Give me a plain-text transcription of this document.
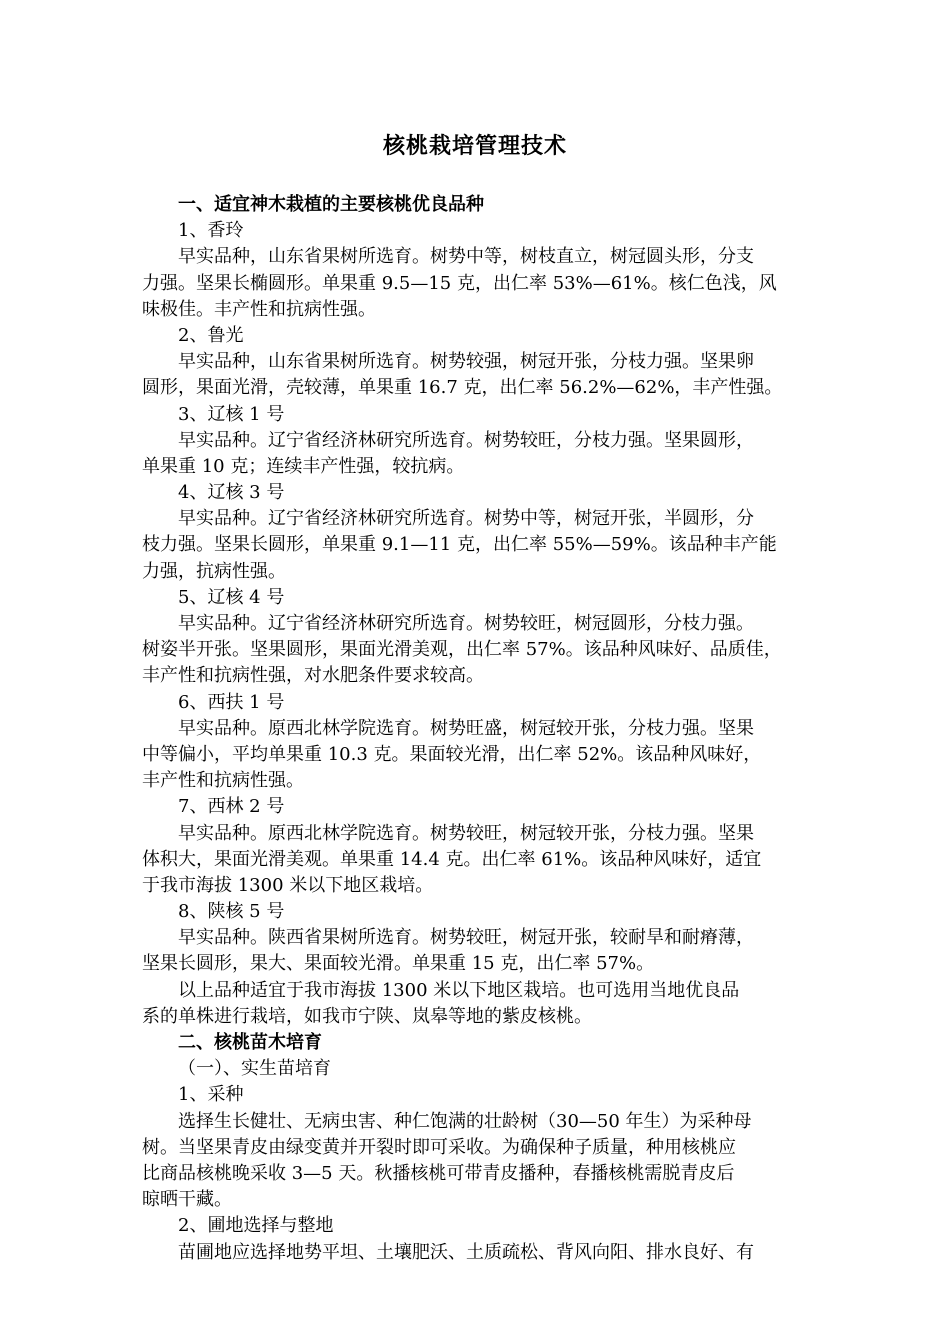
核桃栽培管理技术
一、适宜神木栽植的主要核桃优良品种
1、香玲
早实品种，山东省果树所选育。树势中等，树枝直立，树冠圆头形，分支
力强。坚果长椭圆形。单果重 9.5—15 克，出仁率 53%—61%。核仁色浅，风
味极佳。丰产性和抗病性强。
2、鲁光
早实品种，山东省果树所选育。树势较强，树冠开张，分枝力强。坚果卵
圆形，果面光滑，壳较薄，单果重 16.7 克，出仁率 56.2%—62%，丰产性强。
3、辽核 1 号
早实品种。辽宁省经济林研究所选育。树势较旺，分枝力强。坚果圆形，
单果重 10 克；连续丰产性强，较抗病。
4、辽核 3 号
早实品种。辽宁省经济林研究所选育。树势中等，树冠开张，半圆形，分
枝力强。坚果长圆形，单果重 9.1—11 克，出仁率 55%—59%。该品种丰产能
力强，抗病性强。
5、辽核 4 号
早实品种。辽宁省经济林研究所选育。树势较旺，树冠圆形，分枝力强。
树姿半开张。坚果圆形，果面光滑美观，出仁率 57%。该品种风味好、品质佳，
丰产性和抗病性强，对水肥条件要求较高。
6、西扶 1 号
早实品种。原西北林学院选育。树势旺盛，树冠较开张，分枝力强。坚果
中等偏小，平均单果重 10.3 克。果面较光滑，出仁率 52%。该品种风味好，
丰产性和抗病性强。
7、西林 2 号
早实品种。原西北林学院选育。树势较旺，树冠较开张，分枝力强。坚果
体积大，果面光滑美观。单果重 14.4 克。出仁率 61%。该品种风味好，适宜
于我市海拔 1300 米以下地区栽培。
8、陕核 5 号
早实品种。陕西省果树所选育。树势较旺，树冠开张，较耐旱和耐瘠薄，
坚果长圆形，果大、果面较光滑。单果重 15 克，出仁率 57%。
以上品种适宜于我市海拔 1300 米以下地区栽培。也可选用当地优良品
系的单株进行栽培，如我市宁陕、岚皋等地的紫皮核桃。
二、核桃苗木培育
（一）、实生苗培育
1、采种
选择生长健壮、无病虫害、种仁饱满的壮龄树（30—50 年生）为采种母
树。当坚果青皮由绿变黄并开裂时即可采收。为确保种子质量，种用核桃应
比商品核桃晚采收 3—5 天。秋播核桃可带青皮播种，春播核桃需脱青皮后
晾晒干藏。
2、圃地选择与整地
苗圃地应选择地势平坦、土壤肥沃、土质疏松、背风向阳、排水良好、有
